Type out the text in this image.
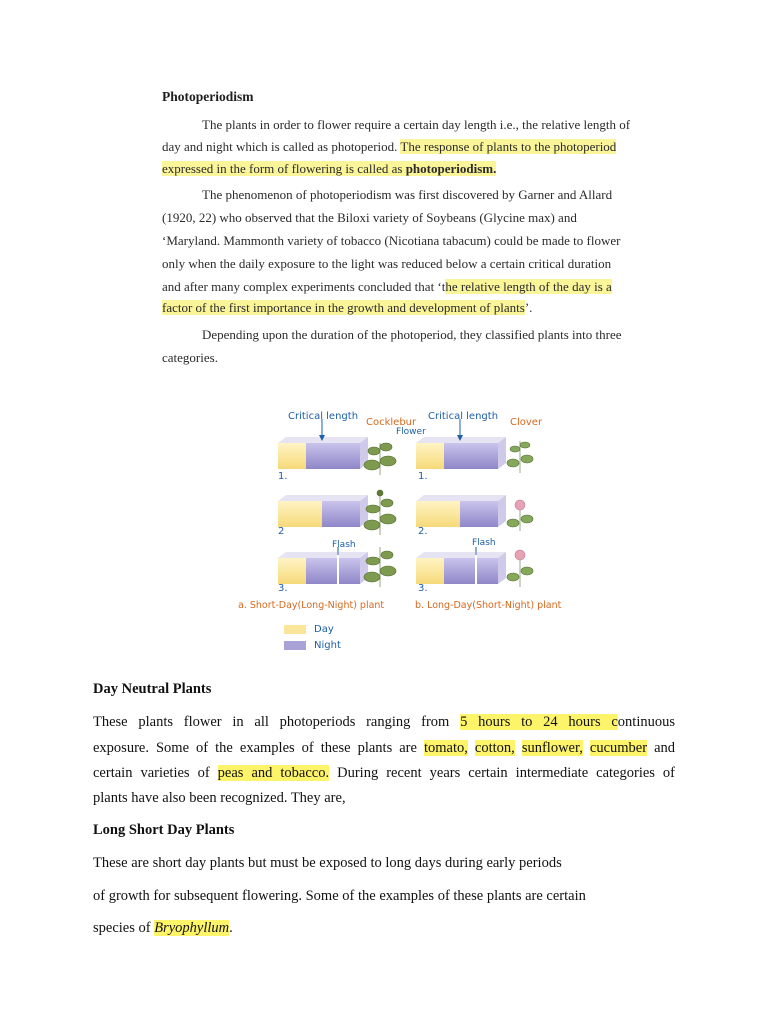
Photoperiodism
The plants in order to flower require a certain day length i.e., the relative length of
day and night which is called as photoperiod. The response of plants to the photoperiod
expressed in the form of flowering is called as photoperiodism.
The phenomenon of photoperiodism was first discovered by Garner and Allard
(1920, 22) who observed that the Biloxi variety of Soybeans (Glycine max) and
‘Maryland. Mammonth variety of tobacco (Nicotiana tabacum) could be made to flower
only when the daily exposure to the light was reduced below a certain critical duration
and after many complex experiments concluded that ‘the relative length of the day is a
factor of the first importance in the growth and development of plants’.
Depending upon the duration of the photoperiod, they classified plants into three
categories.
Critical length
Cocklebur
Flower
Critical length
Clover
Flash	Flash
1.
2
3.
1.
2.
3.
a. Short-Day(Long-Night) plant	b. Long-Day(Short-Night) plant
Day
Night
Day Neutral Plants
These plants flower in all photoperiods ranging from 5 hours to 24 hours continuous
exposure. Some of the examples of these plants are tomato, cotton, sunflower, cucumber and
certain varieties of peas and tobacco. During recent years certain intermediate categories of
plants have also been recognized. They are,
Long Short Day Plants
These are short day plants but must be exposed to long days during early periods
of growth for subsequent flowering. Some of the examples of these plants are certain
species of Bryophyllum.
